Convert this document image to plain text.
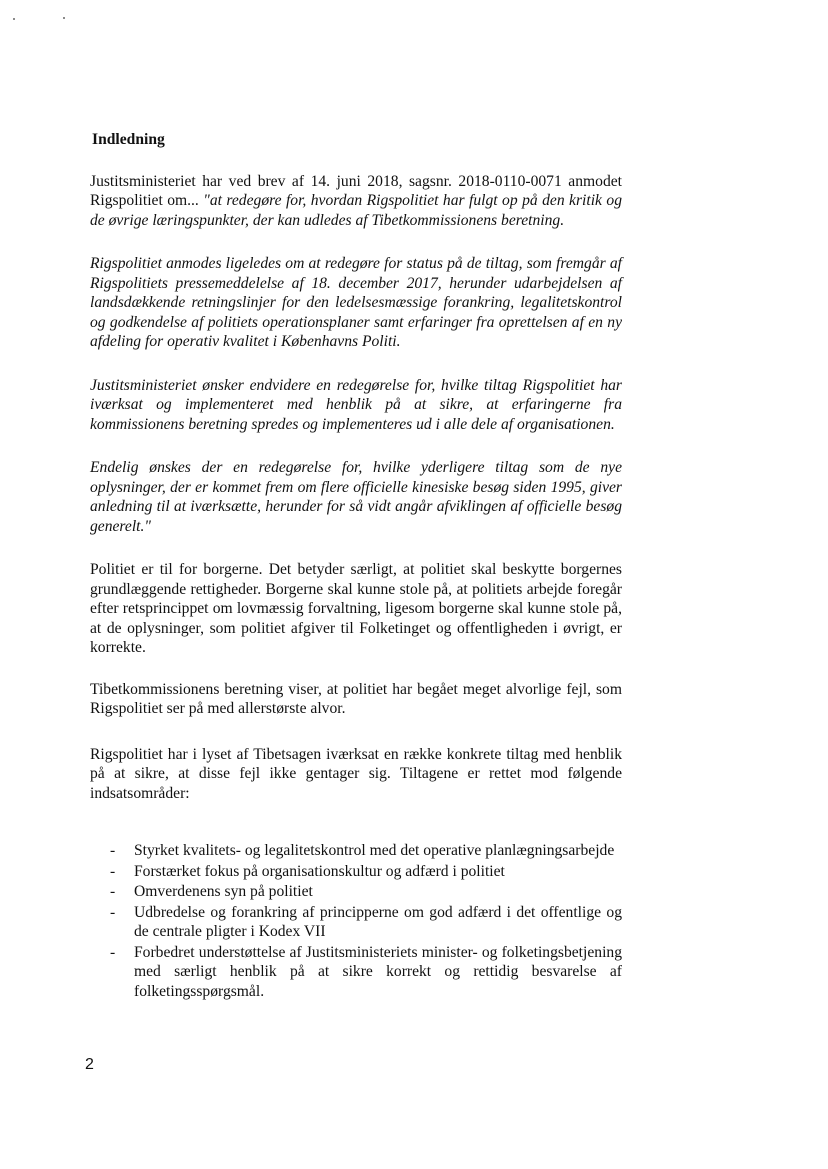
Indledning

Justitsministeriet har ved brev af 14. juni 2018, sagsnr. 2018-0110-0071 anmodet Rigspolitiet om... "at redegøre for, hvordan Rigspolitiet har fulgt op på den kritik og de øvrige læringspunkter, der kan udledes af Tibetkommissionens beretning.

Rigspolitiet anmodes ligeledes om at redegøre for status på de tiltag, som fremgår af Rigspolitiets pressemeddelelse af 18. december 2017, herunder udarbejdelsen af landsdækkende retningslinjer for den ledelsesmæssige forankring, legalitetskontrol og godkendelse af politiets operationsplaner samt erfaringer fra oprettelsen af en ny afdeling for operativ kvalitet i Københavns Politi.

Justitsministeriet ønsker endvidere en redegørelse for, hvilke tiltag Rigspolitiet har iværksat og implementeret med henblik på at sikre, at erfaringerne fra kommissionens beretning spredes og implementeres ud i alle dele af organisationen.

Endelig ønskes der en redegørelse for, hvilke yderligere tiltag som de nye oplysninger, der er kommet frem om flere officielle kinesiske besøg siden 1995, giver anledning til at iværksætte, herunder for så vidt angår afviklingen af officielle besøg generelt."

Politiet er til for borgerne. Det betyder særligt, at politiet skal beskytte borgernes grundlæggende rettigheder. Borgerne skal kunne stole på, at politiets arbejde foregår efter retsprincippet om lovmæssig forvaltning, ligesom borgerne skal kunne stole på, at de oplysninger, som politiet afgiver til Folketinget og offentligheden i øvrigt, er korrekte.

Tibetkommissionens beretning viser, at politiet har begået meget alvorlige fejl, som Rigspolitiet ser på med allerstørste alvor.

Rigspolitiet har i lyset af Tibetsagen iværksat en række konkrete tiltag med henblik på at sikre, at disse fejl ikke gentager sig. Tiltagene er rettet mod følgende indsatsområder:

- Styrket kvalitets- og legalitetskontrol med det operative planlægningsarbejde
- Forstærket fokus på organisationskultur og adfærd i politiet
- Omverdenens syn på politiet
- Udbredelse og forankring af principperne om god adfærd i det offentlige og de centrale pligter i Kodex VII
- Forbedret understøttelse af Justitsministeriets minister- og folketingsbetjening med særligt henblik på at sikre korrekt og rettidig besvarelse af folketingsspørgsmål.
2
